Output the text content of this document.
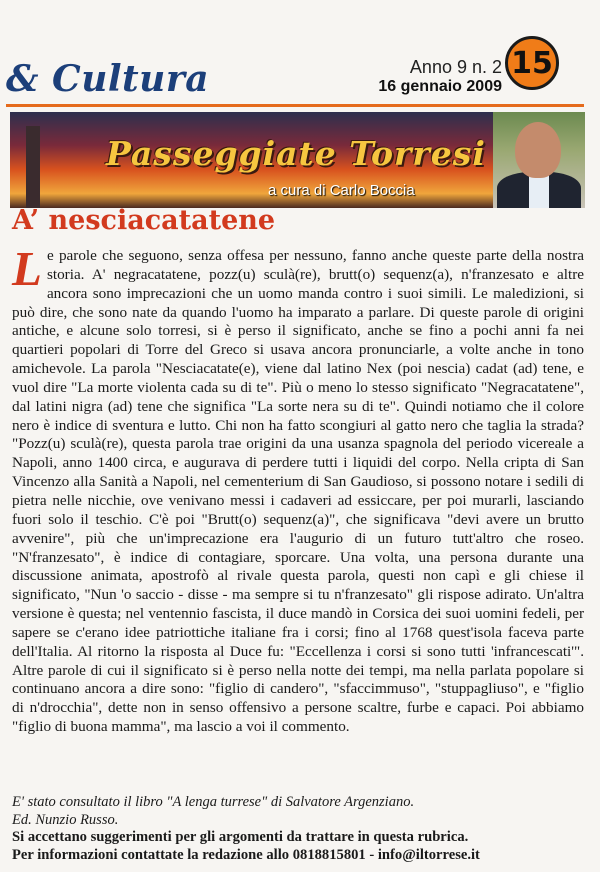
& Cultura	Anno 9 n. 2
16 gennaio 2009
15
Passeggiate Torresi
a cura di Carlo Boccia
A’ nesciacatatene
Le parole che seguono, senza offesa per nessuno, fanno anche queste parte della nostra storia. A' negracatatene, pozz(u) sculà(re), brutt(o) sequenz(a), n'franzesato e altre ancora sono imprecazioni che un uomo manda contro i suoi simili. Le maledizioni, si può dire, che sono nate da quando l'uomo ha imparato a parlare. Di queste parole di origini antiche, e alcune solo torresi, si è perso il significato, anche se fino a pochi anni fa nei quartieri popolari di Torre del Greco si usava ancora pronunciarle, a volte anche in tono amichevole. La parola "Nesciacatate(e), viene dal latino Nex (poi nescia) cadat (ad) tene, e vuol dire "La morte violenta cada su di te". Più o meno lo stesso significato "Negracatatene", dal latini nigra (ad) tene che significa "La sorte nera su di te". Quindi notiamo che il colore nero è indice di sventura e lutto. Chi non ha fatto scongiuri al gatto nero che taglia la strada? "Pozz(u) sculà(re), questa parola trae origini da una usanza spagnola del periodo vicereale a Napoli, anno 1400 circa, e auguravа di perdere tutti i liquidi del corpo. Nella cripta di San Vincenzo alla Sanità a Napoli, nel cementerium di San Gaudioso, si possono notare i sedili di pietra nelle nicchie, ove venivano messi i cadaveri ad essiccare, per poi murarli, lasciando fuori solo il teschio. C'è poi "Brutt(o) sequenz(a)", che significava "devi avere un brutto avvenire", più che un'imprecazione era l'augurio di un futuro tutt'altro che roseo. "N'franzesato", è indice di contagiare, sporcare. Una volta, una persona durante una discussione animata, apostrofò al rivale questa parola, questi non capì e gli chiese il significato, "Nun 'o saccio - disse - ma sempre si tu n'franzesato" gli rispose adirato. Un'altra versione è questa; nel ventennio fascista, il duce mandò in Corsica dei suoi uomini fedeli, per sapere se c'erano idee patriottiche italiane fra i corsi; fino al 1768 quest'isola faceva parte dell'Italia. Al ritorno la risposta al Duce fu: "Eccellenza i corsi si sono tutti 'infrancescati'". Altre parole di cui il significato si è perso nella notte dei tempi, ma nella parlata popolare si continuano ancora a dire sono: "figlio di candero", "sfaccimmuso", "stuppagliuso", e "figlio di n'drocchia", dette non in senso offensivo a persone scaltre, furbe e capaci. Poi abbiamo "figlio di buona mamma", ma lascio a voi il commento.
E' stato consultato il libro "A lenga turrese" di Salvatore Argenziano.
Ed. Nunzio Russo.
Si accettano suggerimenti per gli argomenti da trattare in questa rubrica.
Per informazioni contattate la redazione allo 0818815801 - info@iltorrese.it
